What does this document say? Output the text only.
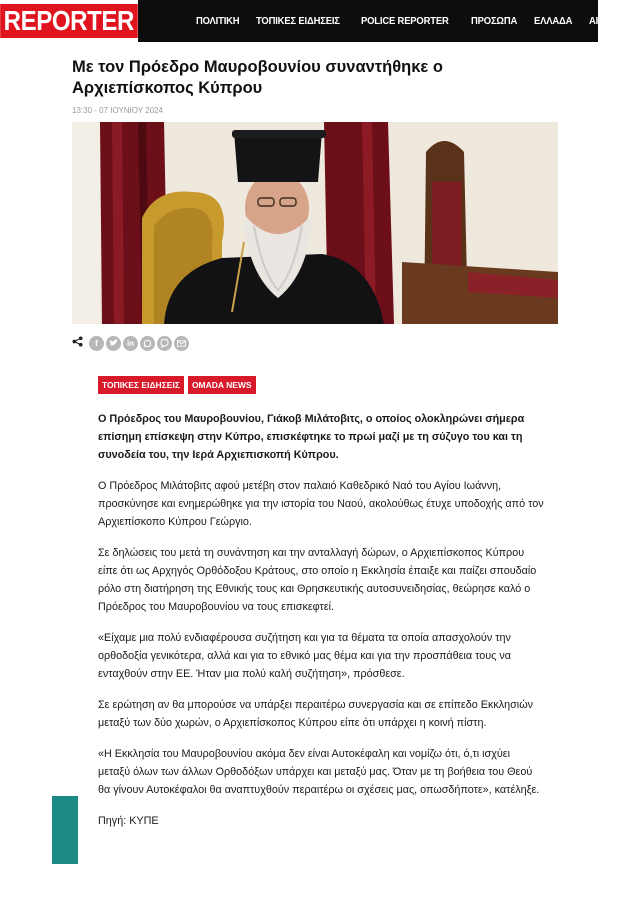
REPORTER	ΠΟΛΙΤΙΚΗ ΤΟΠΙΚΕΣ ΕΙΔΗΣΕΙΣ POLICE REPORTER ΠΡΟΣΩΠΑ ΕΛΛΑΔΑ ΑΙΘΟΝΗ
Με τον Πρόεδρο Μαυροβουνίου συναντήθηκε ο Αρχιεπίσκοπος Κύπρου
13:30 - 07 ΙΟΥΝΙΟΥ 2024
f	in
ΤΟΠΙΚΕΣ ΕΙΔΗΣΕΙΣ	OMADA NEWS

Ο Πρόεδρος του Μαυροβουνίου, Γιάκοβ Μιλάτοβιτς, ο οποίος ολοκληρώνει σήμερα επίσημη επίσκεψη στην Κύπρο, επισκέφτηκε το πρωί μαζί με τη σύζυγο του και τη συνοδεία του, την Ιερά Αρχιεπισκοπή Κύπρου.

Ο Πρόεδρος Μιλάτοβιτς αφού μετέβη στον παλαιό Καθεδρικό Ναό του Αγίου Ιωάννη, προσκύνησε και ενημερώθηκε για την ιστορία του Ναού, ακολούθως έτυχε υποδοχής από τον Αρχιεπίσκοπο Κύπρου Γεώργιο.

Σε δηλώσεις του μετά τη συνάντηση και την ανταλλαγή δώρων, ο Αρχιεπίσκοπος Κύπρου είπε ότι ως Αρχηγός Ορθόδοξου Κράτους, στο οποίο η Εκκλησία έπαιξε και παίζει σπουδαίο ρόλο στη διατήρηση της Εθνικής τους και Θρησκευτικής αυτοσυνειδησίας, θεώρησε καλό ο Πρόεδρος του Μαυροβουνίου να τους επισκεφτεί.

«Είχαμε μια πολύ ενδιαφέρουσα συζήτηση και για τα θέματα τα οποία απασχολούν την ορθοδοξία γενικότερα, αλλά και για το εθνικό μας θέμα και για την προσπάθεια τους να ενταχθούν στην ΕΕ. Ήταν μια πολύ καλή συζήτηση», πρόσθεσε.

Σε ερώτηση αν θα μπορούσε να υπάρξει περαιτέρω συνεργασία και σε επίπεδο Εκκλησιών μεταξύ των δύο χωρών, ο Αρχιεπίσκοπος Κύπρου είπε ότι υπάρχει η κοινή πίστη.

«Η Εκκλησία του Μαυροβουνίου ακόμα δεν είναι Αυτοκέφαλη και νομίζω ότι, ό,τι ισχύει μεταξύ όλων των άλλων Ορθοδόξων υπάρχει και μεταξύ μας. Όταν με τη βοήθεια του Θεού θα γίνουν Αυτοκέφαλοι θα αναπτυχθούν περαιτέρω οι σχέσεις μας, οπωσδήποτε», κατέληξε.

Πηγή: ΚΥΠΕ
